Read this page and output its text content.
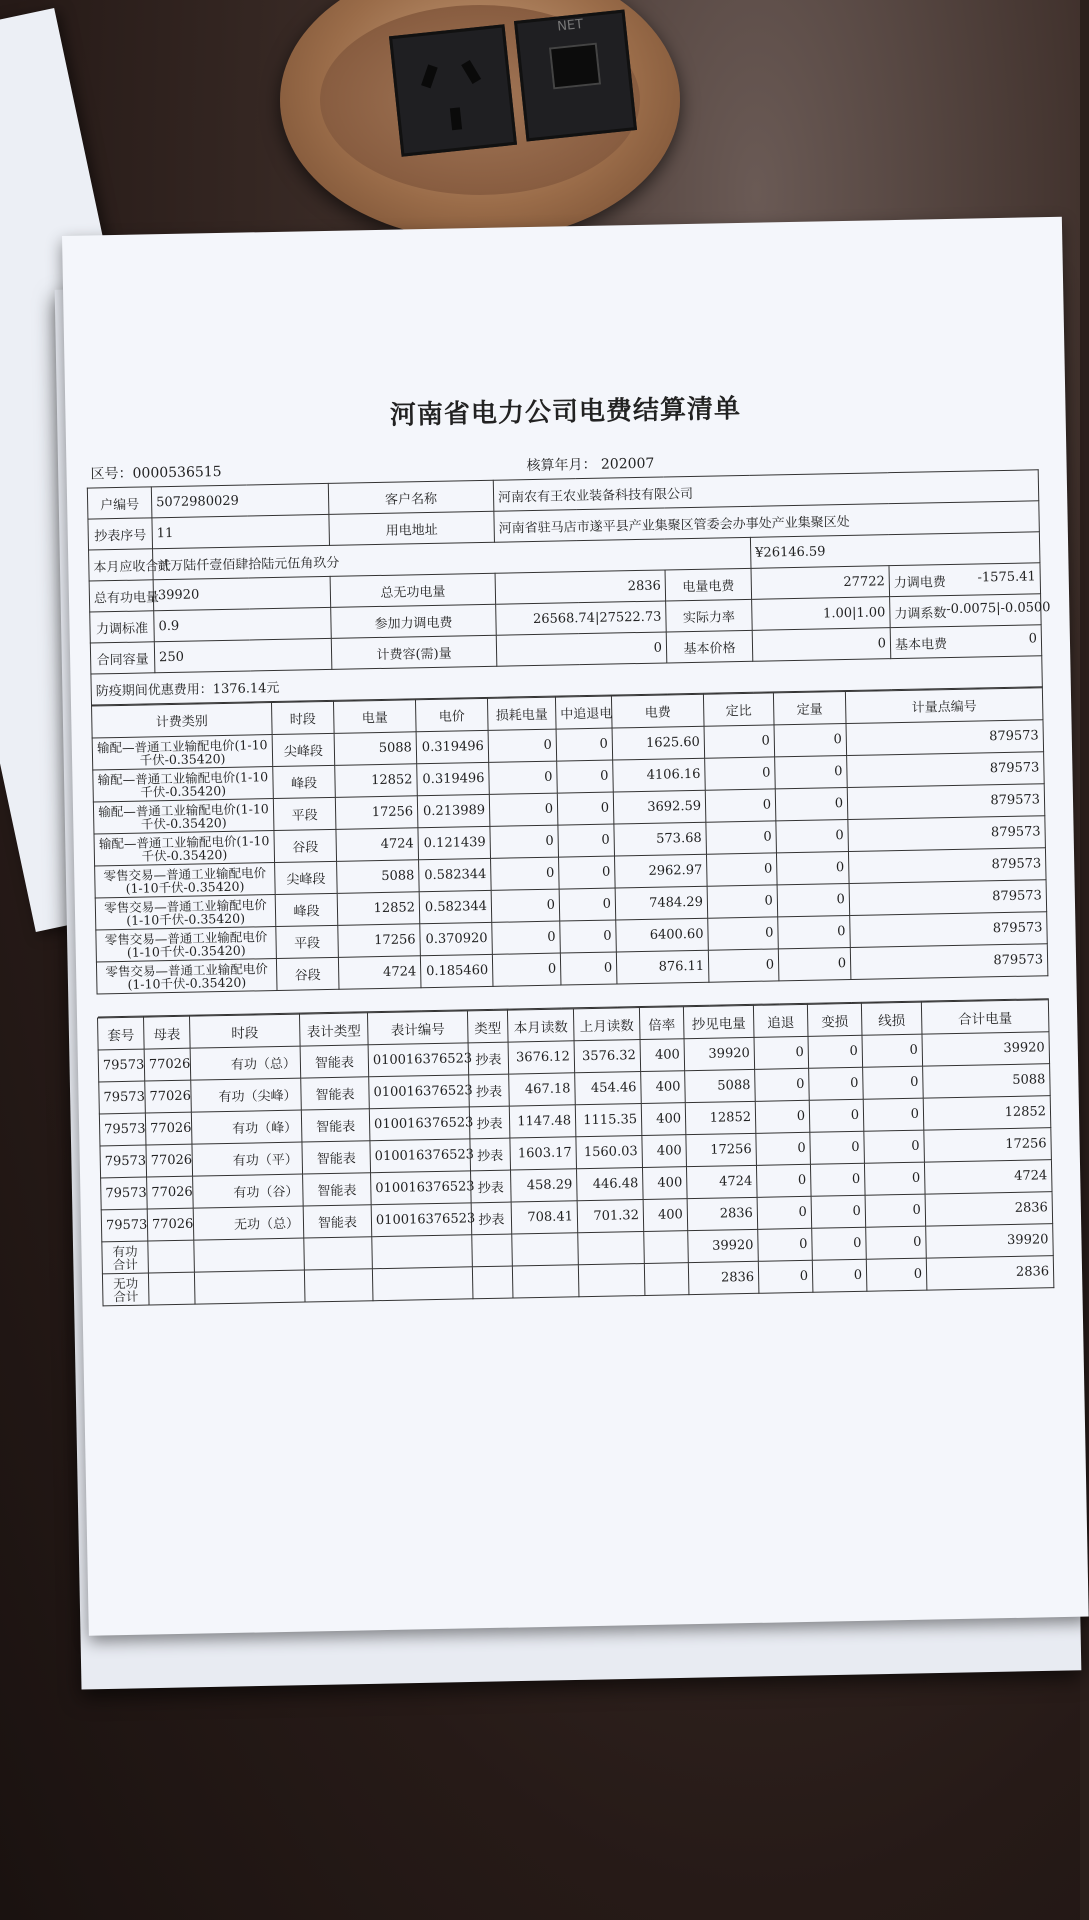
NET
河南省电力公司电费结算清单
区号：0000536515	核算年月： 202007
户编号	5072980029	客户名称	河南农有王农业装备科技有限公司			
抄表序号	11	用电地址	河南省驻马店市遂平县产业集聚区管委会办事处产业集聚区处			
本月应收合计	贰万陆仟壹佰肆拾陆元伍角玖分				¥26146.59	
总有功电量	39920	总无功电量	2836	电量电费	27722	力调电费 -1575.41
力调标准	0.9	参加力调电费	26568.74|27522.73	实际力率	1.00|1.00	力调系数 -0.0075|-0.0500
合同容量	250	计费容(需)量	0	基本价格	0	基本电费 0
防疫期间优惠费用：1376.14元						
计费类别	时段	电量	电价	损耗电量	中追退电	电费	定比	定量	计量点编号
输配—普通工业输配电价(1-10千伏-0.35420)	尖峰段	5088	0.319496	0	0	1625.60	0	0	879573
输配—普通工业输配电价(1-10千伏-0.35420)	峰段	12852	0.319496	0	0	4106.16	0	0	879573
输配—普通工业输配电价(1-10千伏-0.35420)	平段	17256	0.213989	0	0	3692.59	0	0	879573
输配—普通工业输配电价(1-10千伏-0.35420)	谷段	4724	0.121439	0	0	573.68	0	0	879573
零售交易—普通工业输配电价(1-10千伏-0.35420)	尖峰段	5088	0.582344	0	0	2962.97	0	0	879573
零售交易—普通工业输配电价(1-10千伏-0.35420)	峰段	12852	0.582344	0	0	7484.29	0	0	879573
零售交易—普通工业输配电价(1-10千伏-0.35420)	平段	17256	0.370920	0	0	6400.60	0	0	879573
零售交易—普通工业输配电价(1-10千伏-0.35420)	谷段	4724	0.185460	0	0	876.11	0	0	879573

套号	母表	时段	表计类型	表计编号	类型	本月读数	上月读数	倍率	抄见电量	追退	变损	线损	合计电量
79573	77026	有功（总）	智能表	010016376523	抄表	3676.12	3576.32	400	39920	0	0	0	39920
79573	77026	有功（尖峰）	智能表	010016376523	抄表	467.18	454.46	400	5088	0	0	0	5088
79573	77026	有功（峰）	智能表	010016376523	抄表	1147.48	1115.35	400	12852	0	0	0	12852
79573	77026	有功（平）	智能表	010016376523	抄表	1603.17	1560.03	400	17256	0	0	0	17256
79573	77026	有功（谷）	智能表	010016376523	抄表	458.29	446.48	400	4724	0	0	0	4724
79573	77026	无功（总）	智能表	010016376523	抄表	708.41	701.32	400	2836	0	0	0	2836
有功合计									39920	0	0	0	39920
无功合计									2836	0	0	0	2836
